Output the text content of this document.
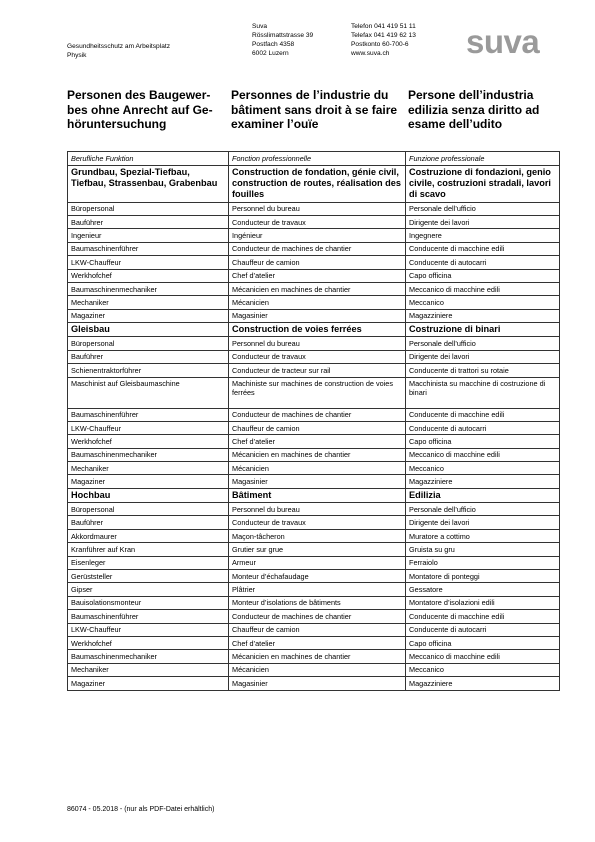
Gesundheitsschutz am Arbeitsplatz
Physik
Suva
Rösslimattstrasse 39
Postfach 4358
6002 Luzern
Telefon 041 419 51 11
Telefax 041 419 62 13
Postkonto 60-700-6
www.suva.ch	suva
Personen des Baugewer-bes ohne Anrecht auf Ge-höruntersuchung
Personnes de l’industrie du bâtiment sans droit à se faire examiner l’ouïe
Persone dell’industria edilizia senza diritto ad esame dell’udito
Berufliche Funktion	Fonction professionnelle	Funzione professionale
Grundbau, Spezial-Tiefbau, Tiefbau, Strassenbau, Grabenbau	Construction de fondation, génie civil, construction de routes, réalisation des fouilles	Costruzione di fondazioni, genio civile, costruzioni stradali, lavori di scavo
Büropersonal	Personnel du bureau	Personale dell’ufficio
Bauführer	Conducteur de travaux	Dirigente dei lavori
Ingenieur	Ingénieur	Ingegnere
Baumaschinenführer	Conducteur de machines de chantier	Conducente di macchine edili
LKW-Chauffeur	Chauffeur de camion	Conducente di autocarri
Werkhofchef	Chef d’atelier	Capo officina
Baumaschinenmechaniker	Mécanicien en machines de chantier	Meccanico di macchine edili
Mechaniker	Mécanicien	Meccanico
Magaziner	Magasinier	Magazziniere
Gleisbau	Construction de voies ferrées	Costruzione di binari
Büropersonal	Personnel du bureau	Personale dell’ufficio
Bauführer	Conducteur de travaux	Dirigente dei lavori
Schienentraktorführer	Conducteur de tracteur sur rail	Conducente di trattori su rotaie
Maschinist auf Gleisbaumaschine	Machiniste sur machines de construction de voies ferrées	Macchinista su macchine di costruzione di binari
Baumaschinenführer	Conducteur de machines de chantier	Conducente di macchine edili
LKW-Chauffeur	Chauffeur de camion	Conducente di autocarri
Werkhofchef	Chef d’atelier	Capo officina
Baumaschinenmechaniker	Mécanicien en machines de chantier	Meccanico di macchine edili
Mechaniker	Mécanicien	Meccanico
Magaziner	Magasinier	Magazziniere
Hochbau	Bâtiment	Edilizia
Büropersonal	Personnel du bureau	Personale dell’ufficio
Bauführer	Conducteur de travaux	Dirigente dei lavori
Akkordmaurer	Maçon-tâcheron	Muratore a cottimo
Kranführer auf Kran	Grutier sur grue	Gruista su gru
Eisenleger	Armeur	Ferraiolo
Gerüststeller	Monteur d’échafaudage	Montatore di ponteggi
Gipser	Plâtrier	Gessatore
Bauisolationsmonteur	Monteur d’isolations de bâtiments	Montatore d’isolazioni edili
Baumaschinenführer	Conducteur de machines de chantier	Conducente di macchine edili
LKW-Chauffeur	Chauffeur de camion	Conducente di autocarri
Werkhofchef	Chef d’atelier	Capo officina
Baumaschinenmechaniker	Mécanicien en machines de chantier	Meccanico di macchine edili
Mechaniker	Mécanicien	Meccanico
Magaziner	Magasinier	Magazziniere
86074 - 05.2018 - (nur als PDF-Datei erhältlich)
